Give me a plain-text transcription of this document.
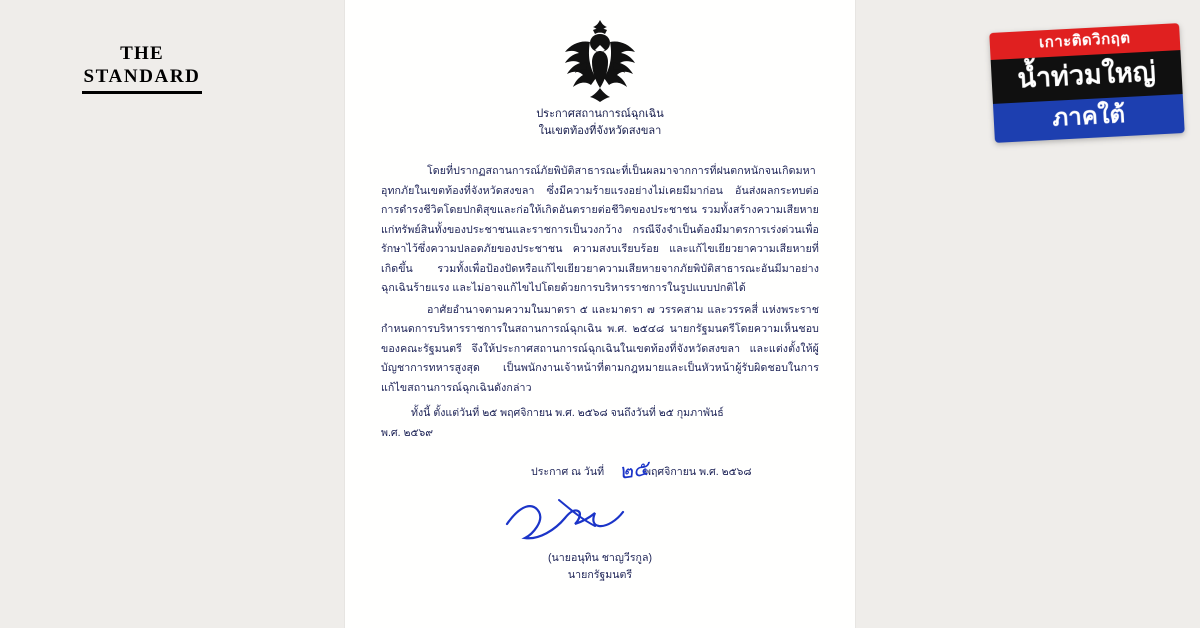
THE
STANDARD
เกาะติดวิกฤต
น้ำท่วมใหญ่
ภาคใต้
ประกาศสถานการณ์ฉุกเฉิน
ในเขตท้องที่จังหวัดสงขลา

โดยที่ปรากฏสถานการณ์ภัยพิบัติสาธารณะที่เป็นผลมาจากการที่ฝนตกหนักจนเกิดมหาอุทกภัยในเขตท้องที่จังหวัดสงขลา ซึ่งมีความร้ายแรงอย่างไม่เคยมีมาก่อน อันส่งผลกระทบต่อการดำรงชีวิตโดยปกติสุขและก่อให้เกิดอันตรายต่อชีวิตของประชาชน รวมทั้งสร้างความเสียหายแก่ทรัพย์สินทั้งของประชาชนและราชการเป็นวงกว้าง กรณีจึงจำเป็นต้องมีมาตรการเร่งด่วนเพื่อรักษาไว้ซึ่งความปลอดภัยของประชาชน ความสงบเรียบร้อย และแก้ไขเยียวยาความเสียหายที่เกิดขึ้น รวมทั้งเพื่อป้องปัดหรือแก้ไขเยียวยาความเสียหายจากภัยพิบัติสาธารณะอันมีมาอย่างฉุกเฉินร้ายแรง และไม่อาจแก้ไขไปโดยด้วยการบริหารราชการในรูปแบบปกติได้

อาศัยอำนาจตามความในมาตรา ๕ และมาตรา ๗ วรรคสาม และวรรคสี่ แห่งพระราชกำหนดการบริหารราชการในสถานการณ์ฉุกเฉิน พ.ศ. ๒๕๔๘ นายกรัฐมนตรีโดยความเห็นชอบของคณะรัฐมนตรี จึงให้ประกาศสถานการณ์ฉุกเฉินในเขตท้องที่จังหวัดสงขลา และแต่งตั้งให้ผู้บัญชาการทหารสูงสุด เป็นพนักงานเจ้าหน้าที่ตามกฎหมายและเป็นหัวหน้าผู้รับผิดชอบในการแก้ไขสถานการณ์ฉุกเฉินดังกล่าว

ทั้งนี้ ตั้งแต่วันที่ ๒๕ พฤศจิกายน พ.ศ. ๒๕๖๘ จนถึงวันที่ ๒๕ กุมภาพันธ์
พ.ศ. ๒๕๖๙
ประกาศ ณ วันที่	พฤศจิกายน พ.ศ. ๒๕๖๘
๒๕
(นายอนุทิน ชาญวีรกูล)
นายกรัฐมนตรี
